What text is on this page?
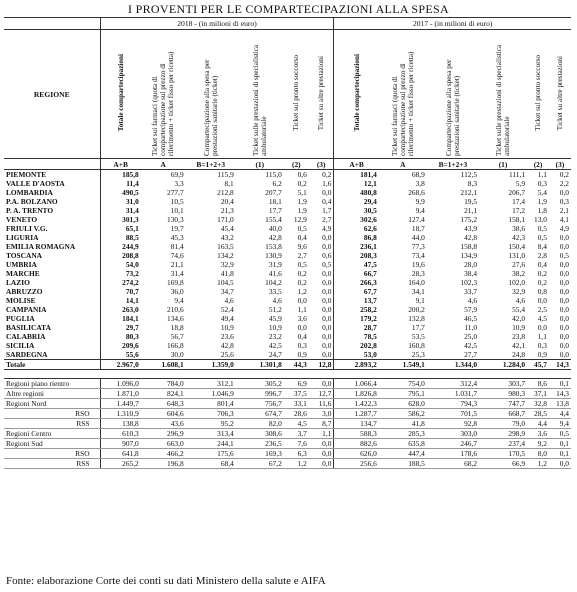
I PROVENTI PER LE COMPARTECIPAZIONI ALLA SPESA
	2018 - (in milioni di euro)						2017 - (in milioni di euro)					
REGIONE	Totale compartecipazioni	Ticket sui farmaci (quota di compartecipazione sul prezzo di riferimento + ticket fisso per ricetta)	Compartecipazione alla spesa per prestazioni sanitarie (ticket)	Ticket sulle prestazioni di specialistica ambulatoriale	Ticket sul pronto soccorso	Ticket su altre prestazioni	Totale compartecipazioni	Ticket sui farmaci (quota di compartecipazione sul prezzo di riferimento + ticket fisso per ricetta)	Compartecipazione alla spesa per prestazioni sanitarie (ticket)	Ticket sulle prestazioni di specialistica ambulatoriale	Ticket sul pronto soccorso	Ticket su altre prestazioni
	A+B	A	B=1+2+3	(1)	(2)	(3)	A+B	A	B=1+2+3	(1)	(2)	(3)
PIEMONTE	185,8	69,9	115,9	115,0	0,6	0,2	181,4	68,9	112,5	111,1	1,1	0,2
VALLE D'AOSTA	11,4	3,3	8,1	6,2	0,2	1,6	12,1	3,8	8,3	5,9	0,3	2,2
LOMBARDIA	490,5	277,7	212,8	207,7	5,1	0,0	480,8	268,6	212,1	206,7	5,4	0,0
P.A. BOLZANO	31,0	10,5	20,4	18,1	1,9	0,4	29,4	9,9	19,5	17,4	1,9	0,3
P. A. TRENTO	31,4	10,1	21,3	17,7	1,9	1,7	30,5	9,4	21,1	17,2	1,8	2,1
VENETO	301,3	130,3	171,0	155,4	12,9	2,7	302,6	127,4	175,2	158,1	13,0	4,1
FRIULI V.G.	65,1	19,7	45,4	40,0	0,5	4,9	62,6	18,7	43,9	38,6	0,5	4,9
LIGURIA	88,5	45,3	43,2	42,8	0,4	0,0	86,8	44,0	42,8	42,3	0,5	0,0
EMILIA ROMAGNA	244,9	81,4	163,5	153,8	9,6	0,0	236,1	77,3	158,8	150,4	8,4	0,0
TOSCANA	208,8	74,6	134,2	130,9	2,7	0,6	208,3	73,4	134,9	131,0	2,8	0,5
UMBRIA	54,0	21,1	32,9	31,9	0,5	0,5	47,5	19,6	28,0	27,6	0,4	0,0
MARCHE	73,2	31,4	41,8	41,6	0,2	0,0	66,7	28,3	38,4	38,2	0,2	0,0
LAZIO	274,2	169,8	104,5	104,2	0,2	0,0	266,3	164,0	102,3	102,0	0,2	0,0
ABRUZZO	70,7	36,0	34,7	33,5	1,2	0,0	67,7	34,1	33,7	32,9	0,8	0,0
MOLISE	14,1	9,4	4,6	4,6	0,0	0,0	13,7	9,1	4,6	4,6	0,0	0,0
CAMPANIA	263,0	210,6	52,4	51,2	1,1	0,0	258,2	200,2	57,9	55,4	2,5	0,0
PUGLIA	184,1	134,6	49,4	45,9	3,6	0,0	179,2	132,8	46,5	42,0	4,5	0,0
BASILICATA	29,7	18,8	10,9	10,9	0,0	0,0	28,7	17,7	11,0	10,9	0,0	0,0
CALABRIA	80,3	56,7	23,6	23,2	0,4	0,0	78,5	53,5	25,0	23,8	1,1	0,0
SICILIA	209,6	166,8	42,8	42,5	0,3	0,0	202,8	160,8	42,5	42,1	0,3	0,0
SARDEGNA	55,6	30,0	25,6	24,7	0,9	0,0	53,0	25,3	27,7	24,8	0,9	0,0
Totale	2.967,0	1.608,1	1.359,0	1.301,8	44,3	12,8	2.893,2	1.549,1	1.344,0	1.284,0	45,7	14,3

Regioni piano rientro	1.096,0	784,0	312,1	305,2	6,9	0,0	1.066,4	754,0	312,4	303,7	8,6	0,1
Altre regioni	1.871,0	824,1	1.046,9	996,7	37,5	12,7	1.826,8	795,1	1.031,7	980,3	37,1	14,3
Regioni Nord	1.449,7	648,3	801,4	756,7	33,1	11,6	1.422,3	628,0	794,3	747,7	32,8	13,8
RSO	1.310,9	604,6	706,3	674,7	28,6	3,0	1.287,7	586,2	701,5	668,7	28,5	4,4
RSS	138,8	43,6	95,2	82,0	4,5	8,7	134,7	41,8	92,8	79,0	4,4	9,4
Regioni Centro	610,3	296,9	313,4	308,6	3,7	1,1	588,3	285,3	303,0	298,9	3,6	0,5
Regioni Sud	907,0	663,0	244,1	236,5	7,6	0,0	882,6	635,8	246,7	237,4	9,2	0,1
RSO	641,8	466,2	175,6	169,3	6,3	0,0	626,0	447,4	178,6	170,5	8,0	0,1
RSS	265,2	196,8	68,4	67,2	1,2	0,0	256,6	188,5	68,2	66,9	1,2	0,0
Fonte: elaborazione Corte dei conti su dati Ministero della salute e AIFA
